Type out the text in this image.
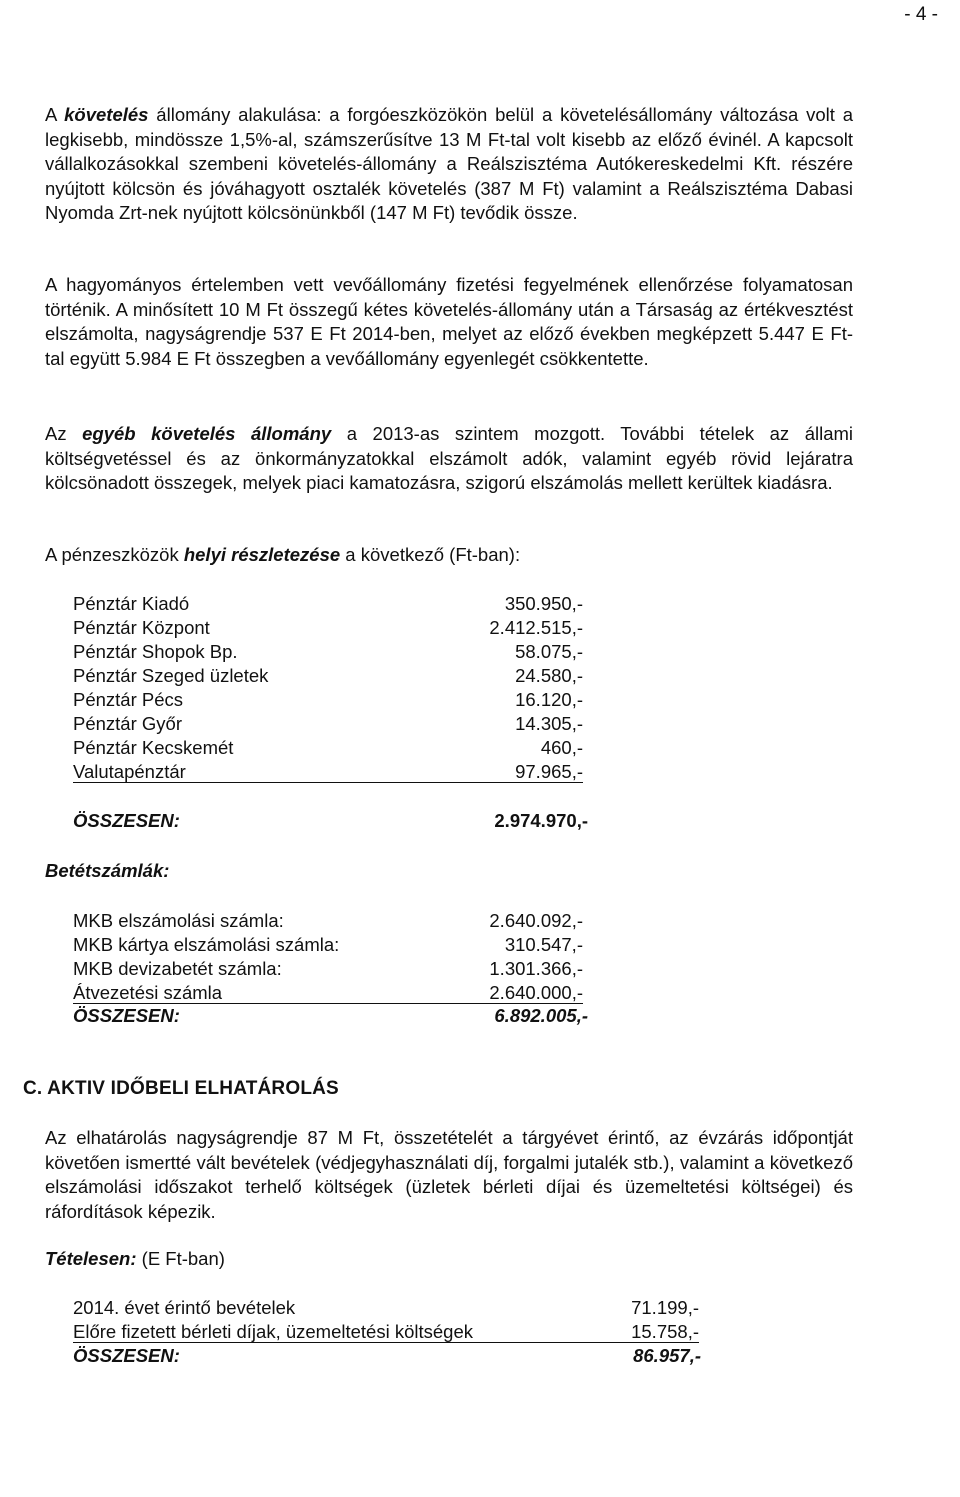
- 4 -

A követelés állomány alakulása: a forgóeszközökön belül a követelésállomány változása volt a legkisebb, mindössze 1,5%-al, számszerűsítve 13 M Ft-tal volt kisebb az előző évinél. A kapcsolt vállalkozásokkal szembeni követelés-állomány a Reálszisztéma Autókereskedelmi Kft. részére nyújtott kölcsön és jóváhagyott osztalék követelés (387 M Ft) valamint a Reálszisztéma Dabasi Nyomda Zrt-nek nyújtott kölcsönünkből (147 M Ft) tevődik össze.

A hagyományos értelemben vett vevőállomány fizetési fegyelmének ellenőrzése folyamatosan történik. A minősített 10 M Ft összegű kétes követelés-állomány után a Társaság az értékvesztést elszámolta, nagyságrendje 537 E Ft 2014-ben, melyet az előző években megképzett 5.447 E Ft-tal együtt 5.984 E Ft összegben a vevőállomány egyenlegét csökkentette.

Az egyéb követelés állomány a 2013-as szintem mozgott. További tételek az állami költségvetéssel és az önkormányzatokkal elszámolt adók, valamint egyéb rövid lejáratra kölcsönadott összegek, melyek piaci kamatozásra, szigorú elszámolás mellett kerültek kiadásra.

A pénzeszközök helyi részletezése a következő (Ft-ban):

Pénztár Kiadó	350.950,-
Pénztár Központ	2.412.515,-
Pénztár Shopok Bp.	58.075,-
Pénztár Szeged üzletek	24.580,-
Pénztár Pécs	16.120,-
Pénztár Győr	14.305,-
Pénztár Kecskemét	460,-
Valutapénztár	97.965,-
ÖSSZESEN:	2.974.970,-
Betétszámlák:
MKB elszámolási számla:	2.640.092,-
MKB kártya elszámolási számla:	310.547,-
MKB devizabetét számla:	1.301.366,-
Átvezetési számla	2.640.000,-
ÖSSZESEN:	6.892.005,-
C. AKTIV IDŐBELI ELHATÁROLÁS

Az elhatárolás nagyságrendje 87 M Ft, összetételét a tárgyévet érintő, az évzárás időpontját követően ismertté vált bevételek (védjegyhasználati díj, forgalmi jutalék stb.), valamint a következő elszámolási időszakot terhelő költségek (üzletek bérleti díjai és üzemeltetési költségei) és ráfordítások képezik.

Tételesen: (E Ft-ban)
2014. évet érintő bevételek	71.199,-
Előre fizetett bérleti díjak, üzemeltetési költségek	15.758,-
ÖSSZESEN:	86.957,-
